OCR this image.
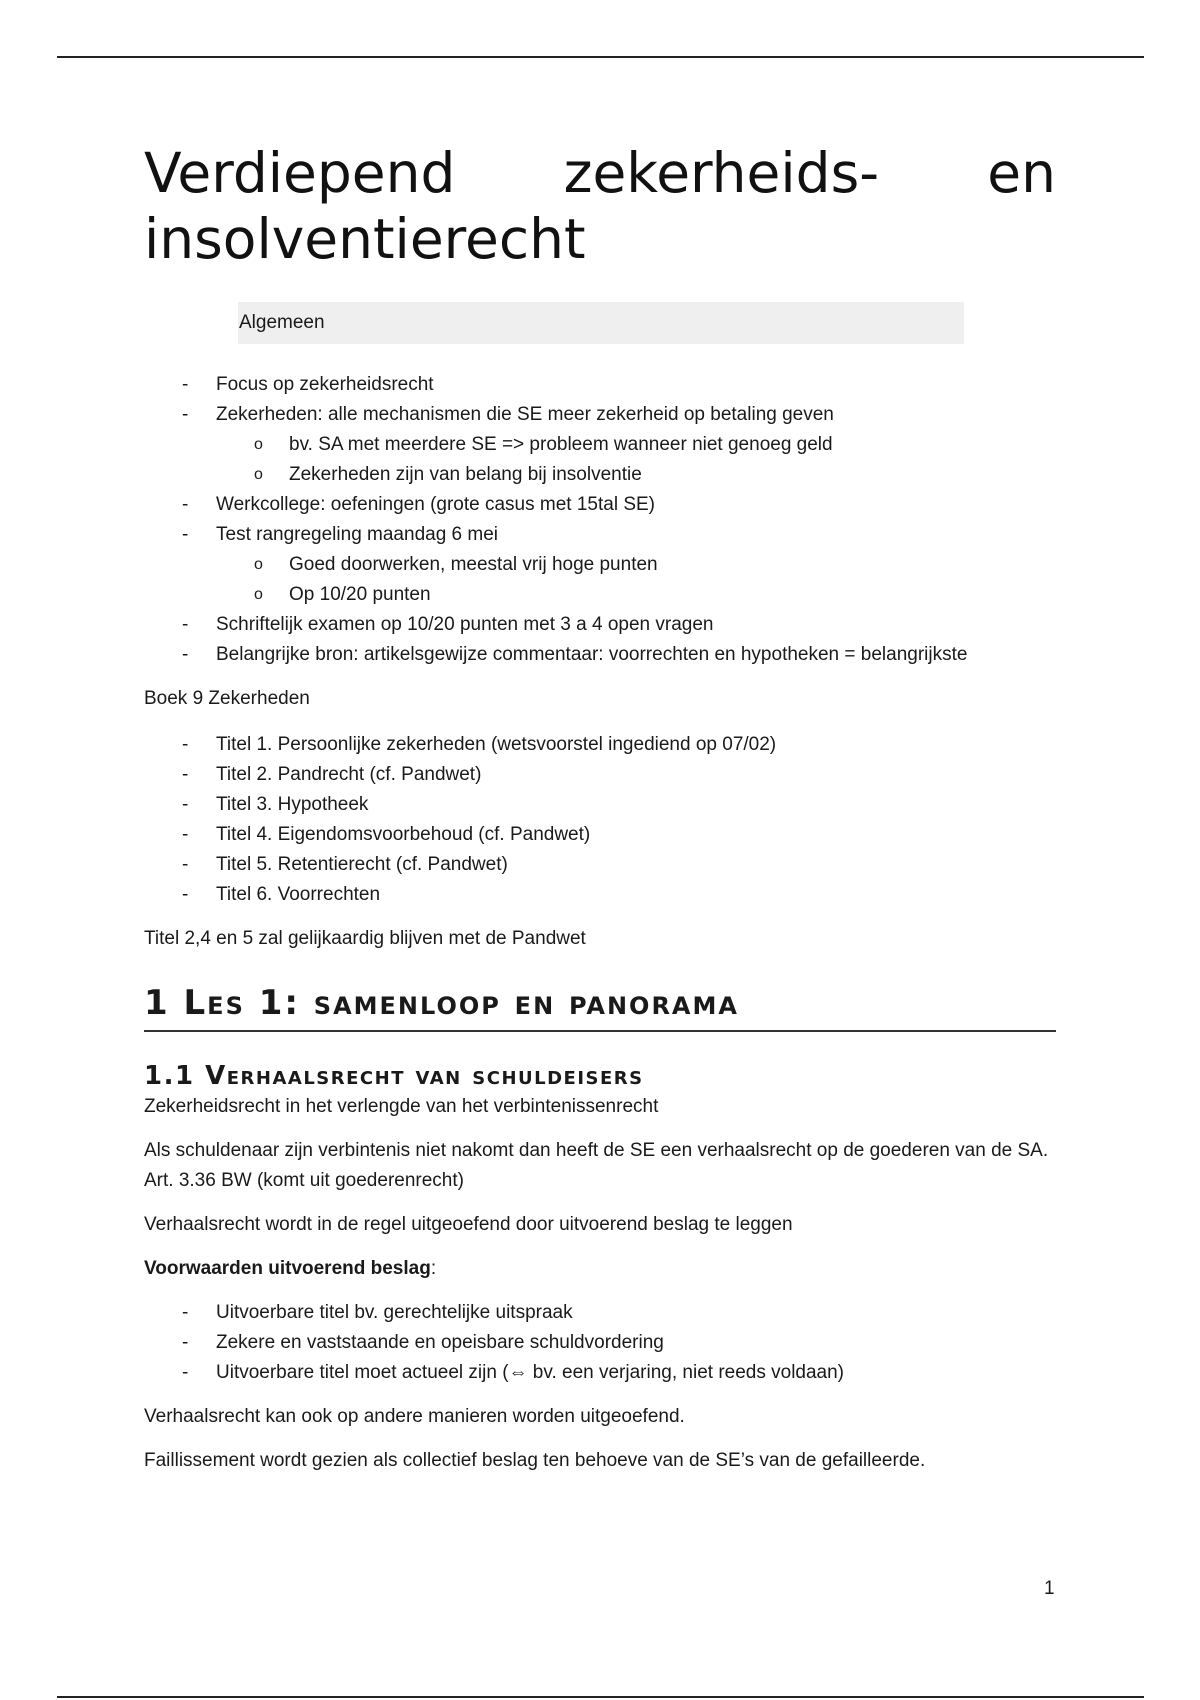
Verdiepend zekerheids- en
insolventierecht
Algemeen
- Focus op zekerheidsrecht
- Zekerheden: alle mechanismen die SE meer zekerheid op betaling geven
o bv. SA met meerdere SE => probleem wanneer niet genoeg geld
o Zekerheden zijn van belang bij insolventie
- Werkcollege: oefeningen (grote casus met 15tal SE)
- Test rangregeling maandag 6 mei
o Goed doorwerken, meestal vrij hoge punten
o Op 10/20 punten
- Schriftelijk examen op 10/20 punten met 3 a 4 open vragen
- Belangrijke bron: artikelsgewijze commentaar: voorrechten en hypotheken = belangrijkste

Boek 9 Zekerheden

- Titel 1. Persoonlijke zekerheden (wetsvoorstel ingediend op 07/02)
- Titel 2. Pandrecht (cf. Pandwet)
- Titel 3. Hypotheek
- Titel 4. Eigendomsvoorbehoud (cf. Pandwet)
- Titel 5. Retentierecht (cf. Pandwet)
- Titel 6. Voorrechten

Titel 2,4 en 5 zal gelijkaardig blijven met de Pandwet

1 Les 1: samenloop en panorama
1.1 Verhaalsrecht van schuldeisers

Zekerheidsrecht in het verlengde van het verbintenissenrecht

Als schuldenaar zijn verbintenis niet nakomt dan heeft de SE een verhaalsrecht op de goederen van de SA. Art. 3.36 BW (komt uit goederenrecht)

Verhaalsrecht wordt in de regel uitgeoefend door uitvoerend beslag te leggen

Voorwaarden uitvoerend beslag:

- Uitvoerbare titel bv. gerechtelijke uitspraak
- Zekere en vaststaande en opeisbare schuldvordering
- Uitvoerbare titel moet actueel zijn (⇔ bv. een verjaring, niet reeds voldaan)

Verhaalsrecht kan ook op andere manieren worden uitgeoefend.

Faillissement wordt gezien als collectief beslag ten behoeve van de SE’s van de gefailleerde.

1
